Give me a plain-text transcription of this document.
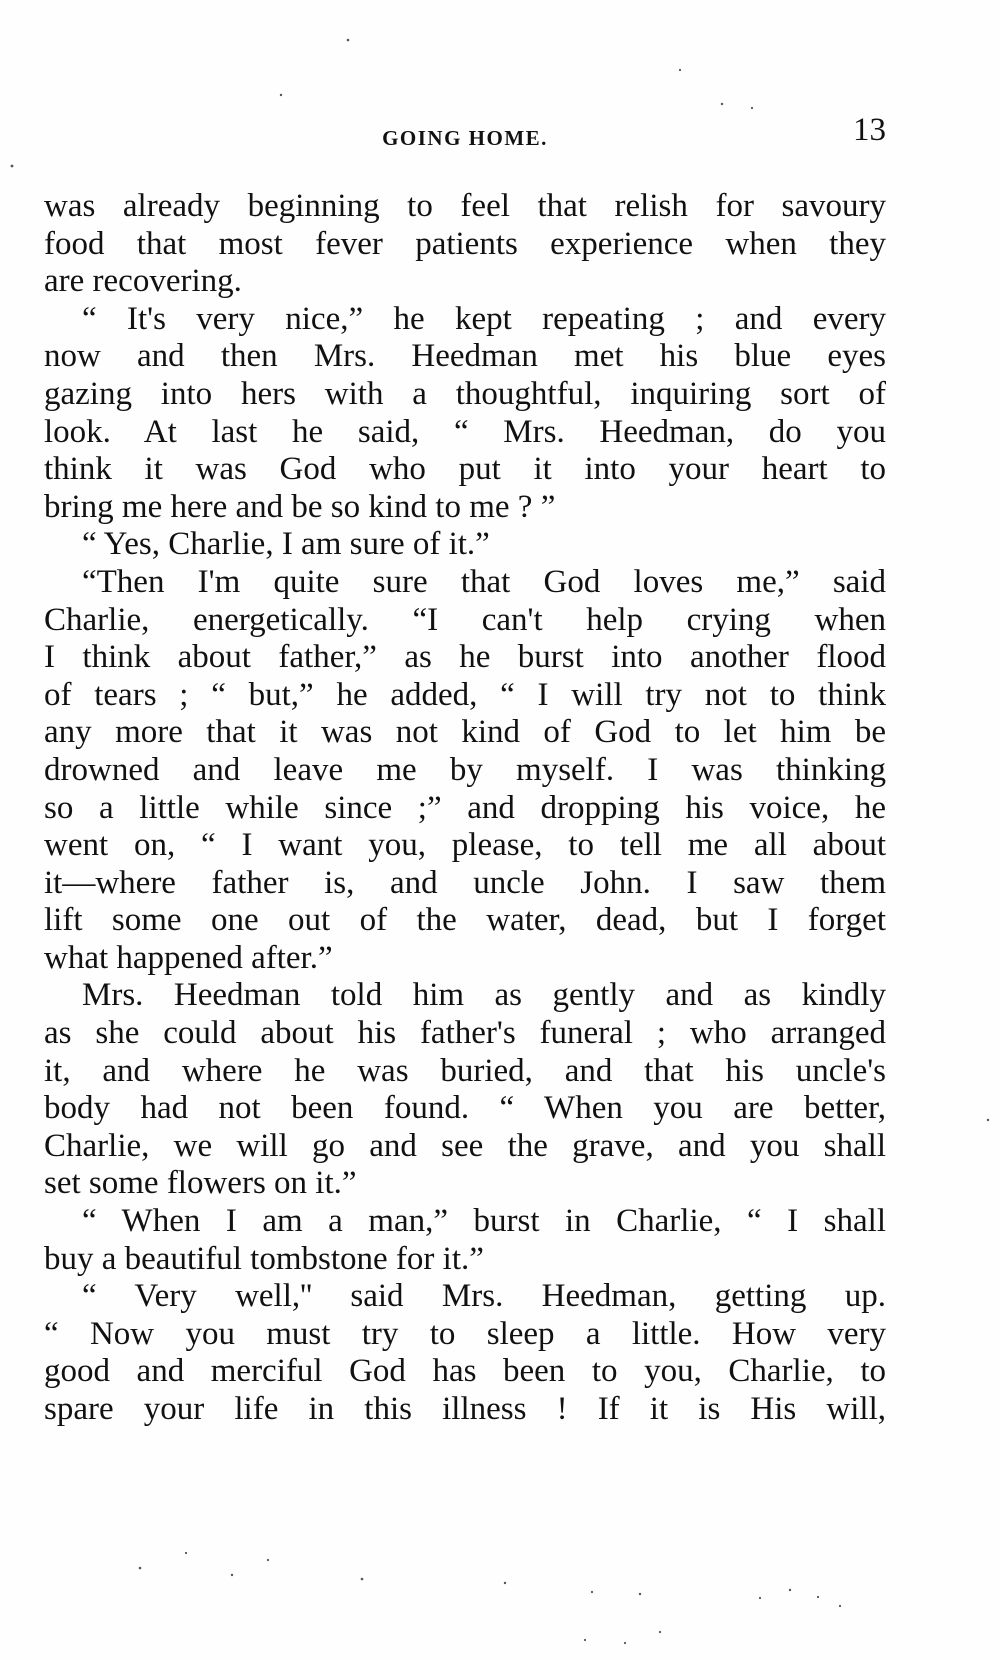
GOING HOME.	13
was already beginning to feel that relish for savoury
food that most fever patients experience when they
are recovering.
“ It's very nice,” he kept repeating ; and every
now and then Mrs. Heedman met his blue eyes
gazing into hers with a thoughtful, inquiring sort of
look. At last he said, “ Mrs. Heedman, do you
think it was God who put it into your heart to
bring me here and be so kind to me ? ”
“ Yes, Charlie, I am sure of it.”
“Then I'm quite sure that God loves me,” said
Charlie, energetically. “I can't help crying when
I think about father,” as he burst into another flood
of tears ; “ but,” he added, “ I will try not to think
any more that it was not kind of God to let him be
drowned and leave me by myself. I was thinking
so a little while since ;” and dropping his voice, he
went on, “ I want you, please, to tell me all about
it—where father is, and uncle John. I saw them
lift some one out of the water, dead, but I forget
what happened after.”
Mrs. Heedman told him as gently and as kindly
as she could about his father's funeral ; who arranged
it, and where he was buried, and that his uncle's
body had not been found. “ When you are better,
Charlie, we will go and see the grave, and you shall
set some flowers on it.”
“ When I am a man,” burst in Charlie, “ I shall
buy a beautiful tombstone for it.”
“ Very well,'' said Mrs. Heedman, getting up.
“ Now you must try to sleep a little. How very
good and merciful God has been to you, Charlie, to
spare your life in this illness ! If it is His will,
